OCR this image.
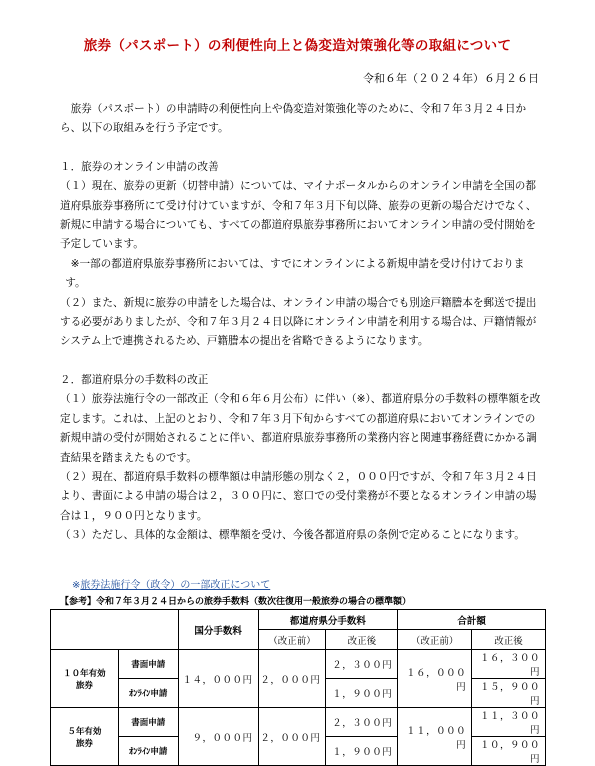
旅券（パスポート）の利便性向上と偽変造対策強化等の取組について
令和６年（２０２４年）６月２６日

旅券（パスポート）の申請時の利便性向上や偽変造対策強化等のために、令和７年３月２４日から、以下の取組みを行う予定です。

１．旅券のオンライン申請の改善

（１）現在、旅券の更新（切替申請）については、マイナポータルからのオンライン申請を全国の都道府県旅券事務所にて受け付けていますが、令和７年３月下旬以降、旅券の更新の場合だけでなく、新規に申請する場合についても、すべての都道府県旅券事務所においてオンライン申請の受付開始を予定しています。

※一部の都道府県旅券事務所においては、すでにオンラインによる新規申請を受け付けております。

（２）また、新規に旅券の申請をした場合は、オンライン申請の場合でも別途戸籍謄本を郵送で提出する必要がありましたが、令和７年３月２４日以降にオンライン申請を利用する場合は、戸籍情報がシステム上で連携されるため、戸籍謄本の提出を省略できるようになります。

２．都道府県分の手数料の改正

（１）旅券法施行令の一部改正（令和６年６月公布）に伴い（※）、都道府県分の手数料の標準額を改定します。これは、上記のとおり、令和７年３月下旬からすべての都道府県においてオンラインでの新規申請の受付が開始されることに伴い、都道府県旅券事務所の業務内容と関連事務経費にかかる調査結果を踏まえたものです。

（２）現在、都道府県手数料の標準額は申請形態の別なく２，０００円ですが、令和７年３月２４日より、書面による申請の場合は２，３００円に、窓口での受付業務が不要となるオンライン申請の場合は１，９００円となります。

（３）ただし、具体的な金額は、標準額を受け、今後各都道府県の条例で定めることになります。

※旅券法施行令（政令）の一部改正について
【参考】令和７年３月２４日からの旅券手数料（数次往復用一般旅券の場合の標準額）
		国分手数料	都道府県分手数料		合計額	
			（改正前）	改正後	（改正前）	改正後
１０年有効
旅券	書面申請	１４，０００円	２，０００円	２，３００円	１６，０００円	１６，３００円
	ｵﾝﾗｲﾝ申請			１，９００円		１５，９００円
５年有効
旅券	書面申請	９，０００円	２，０００円	２，３００円	１１，０００円	１１，３００円
	ｵﾝﾗｲﾝ申請			１，９００円		１０，９００円
